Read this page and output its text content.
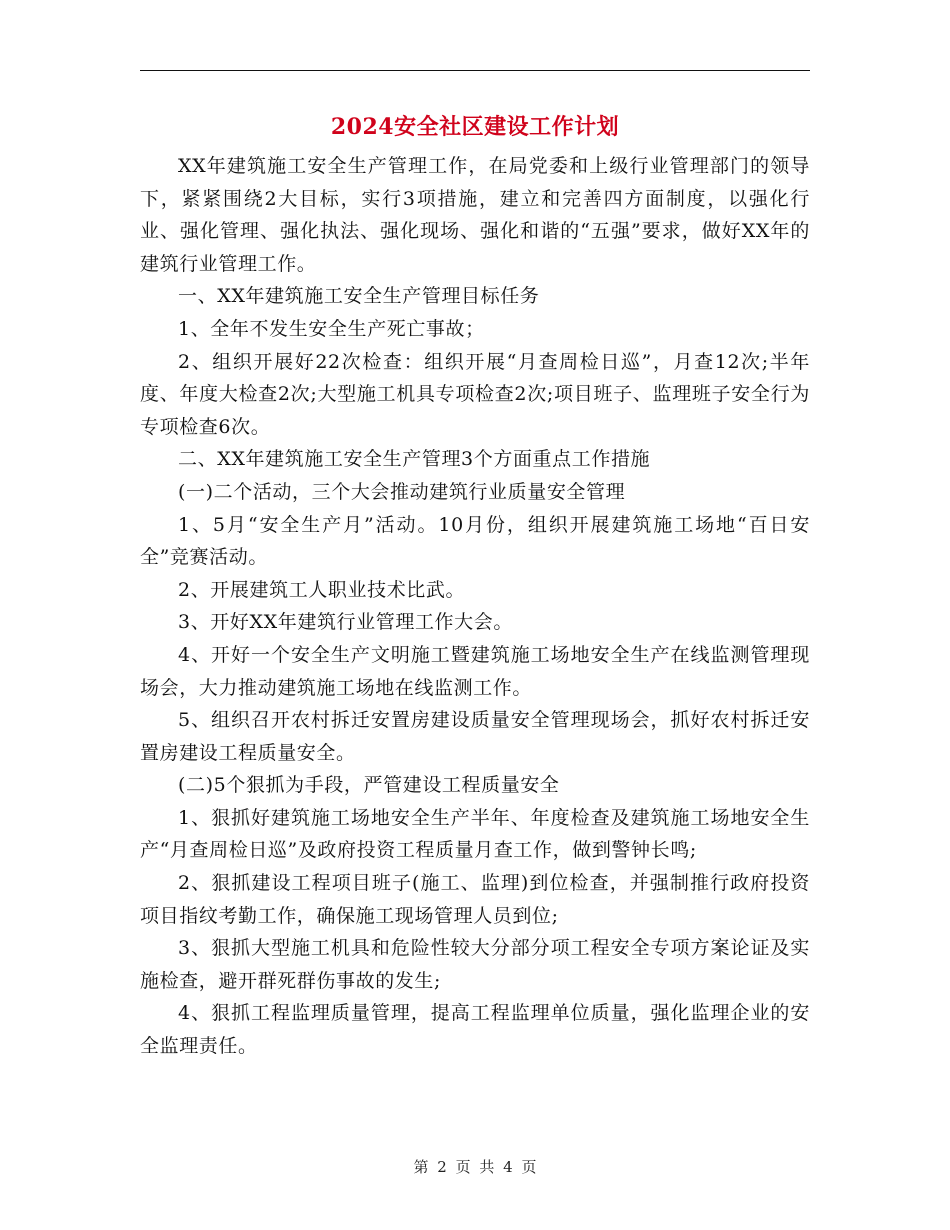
2024安全社区建设工作计划

XX年建筑施工安全生产管理工作，在局党委和上级行业管理部门的领导下，紧紧围绕2大目标，实行3项措施，建立和完善四方面制度，以强化行业、强化管理、强化执法、强化现场、强化和谐的“五强”要求，做好XX年的建筑行业管理工作。

一、XX年建筑施工安全生产管理目标任务

1、全年不发生安全生产死亡事故；

2、组织开展好22次检查：组织开展“月查周检日巡”，月查12次;半年度、年度大检查2次;大型施工机具专项检查2次;项目班子、监理班子安全行为专项检查6次。

二、XX年建筑施工安全生产管理3个方面重点工作措施

(一)二个活动，三个大会推动建筑行业质量安全管理

1、5月“安全生产月”活动。10月份，组织开展建筑施工场地“百日安全”竞赛活动。

2、开展建筑工人职业技术比武。

3、开好XX年建筑行业管理工作大会。

4、开好一个安全生产文明施工暨建筑施工场地安全生产在线监测管理现场会，大力推动建筑施工场地在线监测工作。

5、组织召开农村拆迁安置房建设质量安全管理现场会，抓好农村拆迁安置房建设工程质量安全。

(二)5个狠抓为手段，严管建设工程质量安全

1、狠抓好建筑施工场地安全生产半年、年度检查及建筑施工场地安全生产“月查周检日巡”及政府投资工程质量月查工作，做到警钟长鸣;

2、狠抓建设工程项目班子(施工、监理)到位检查，并强制推行政府投资项目指纹考勤工作，确保施工现场管理人员到位;

3、狠抓大型施工机具和危险性较大分部分项工程安全专项方案论证及实施检查，避开群死群伤事故的发生;

4、狠抓工程监理质量管理，提高工程监理单位质量，强化监理企业的安全监理责任。

第 2 页 共 4 页
